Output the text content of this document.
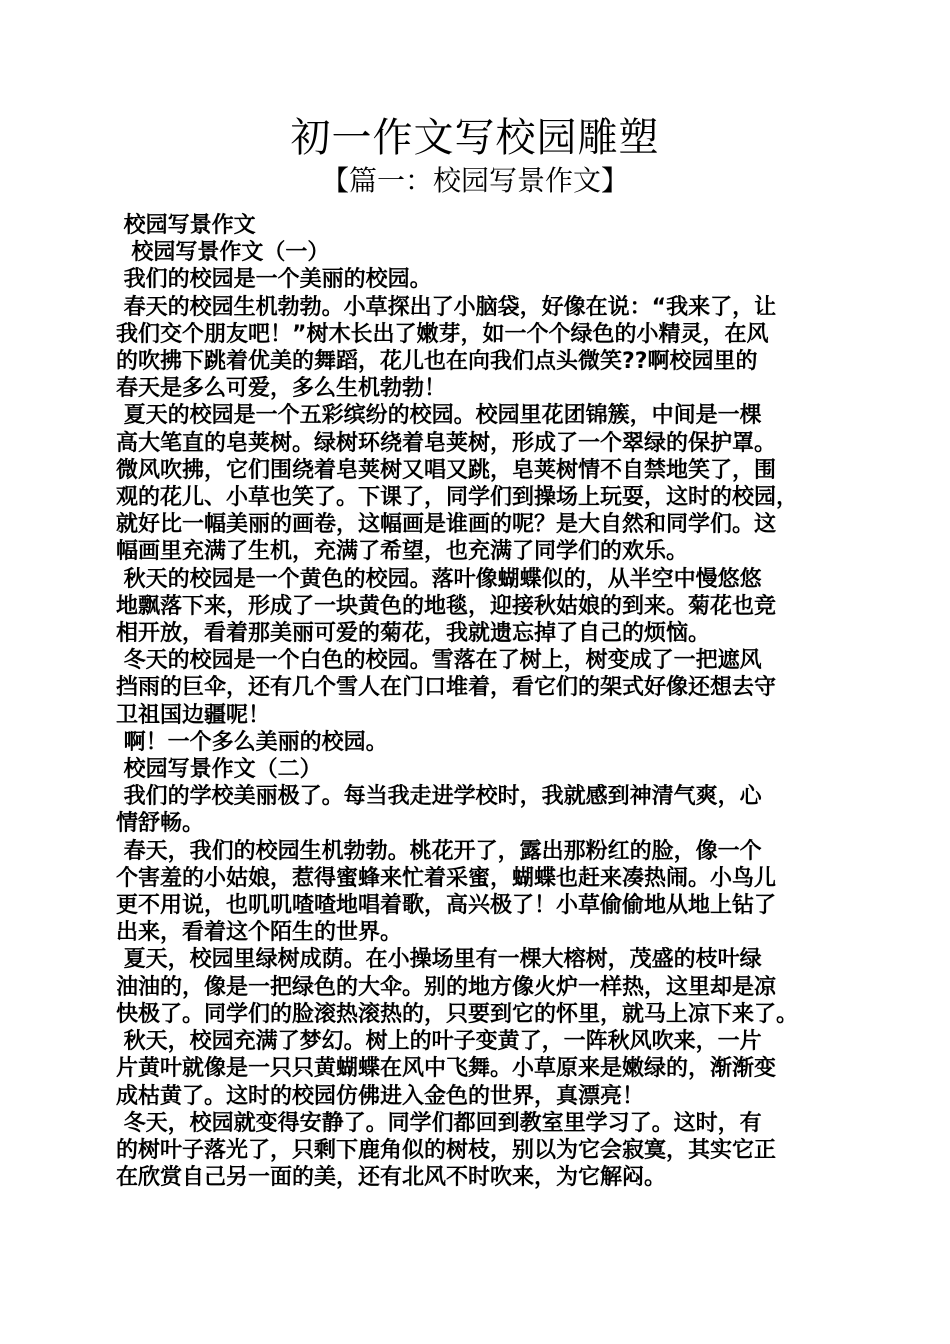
初一作文写校园雕塑
【篇一：校园写景作文】
校园写景作文
校园写景作文（一）
我们的校园是一个美丽的校园。
春天的校园生机勃勃。小草探出了小脑袋，好像在说：“我来了，让
我们交个朋友吧！”树木长出了嫩芽，如一个个绿色的小精灵，在风
的吹拂下跳着优美的舞蹈，花儿也在向我们点头微笑??啊校园里的
春天是多么可爱，多么生机勃勃！
夏天的校园是一个五彩缤纷的校园。校园里花团锦簇，中间是一棵
高大笔直的皂荚树。绿树环绕着皂荚树，形成了一个翠绿的保护罩。
微风吹拂，它们围绕着皂荚树又唱又跳，皂荚树情不自禁地笑了，围
观的花儿、小草也笑了。下课了，同学们到操场上玩耍，这时的校园，
就好比一幅美丽的画卷，这幅画是谁画的呢？是大自然和同学们。这
幅画里充满了生机，充满了希望，也充满了同学们的欢乐。
秋天的校园是一个黄色的校园。落叶像蝴蝶似的，从半空中慢悠悠
地飘落下来，形成了一块黄色的地毯，迎接秋姑娘的到来。菊花也竞
相开放，看着那美丽可爱的菊花，我就遗忘掉了自己的烦恼。
冬天的校园是一个白色的校园。雪落在了树上，树变成了一把遮风
挡雨的巨伞，还有几个雪人在门口堆着，看它们的架式好像还想去守
卫祖国边疆呢！
啊！一个多么美丽的校园。
校园写景作文（二）
我们的学校美丽极了。每当我走进学校时，我就感到神清气爽，心
情舒畅。
春天，我们的校园生机勃勃。桃花开了，露出那粉红的脸，像一个
个害羞的小姑娘，惹得蜜蜂来忙着采蜜，蝴蝶也赶来凑热闹。小鸟儿
更不用说，也叽叽喳喳地唱着歌，高兴极了！小草偷偷地从地上钻了
出来，看着这个陌生的世界。
夏天，校园里绿树成荫。在小操场里有一棵大榕树，茂盛的枝叶绿
油油的，像是一把绿色的大伞。别的地方像火炉一样热，这里却是凉
快极了。同学们的脸滚热滚热的，只要到它的怀里，就马上凉下来了。
秋天，校园充满了梦幻。树上的叶子变黄了，一阵秋风吹来，一片
片黄叶就像是一只只黄蝴蝶在风中飞舞。小草原来是嫩绿的，渐渐变
成枯黄了。这时的校园仿佛进入金色的世界，真漂亮！
冬天，校园就变得安静了。同学们都回到教室里学习了。这时，有
的树叶子落光了，只剩下鹿角似的树枝，别以为它会寂寞，其实它正
在欣赏自己另一面的美，还有北风不时吹来，为它解闷。
